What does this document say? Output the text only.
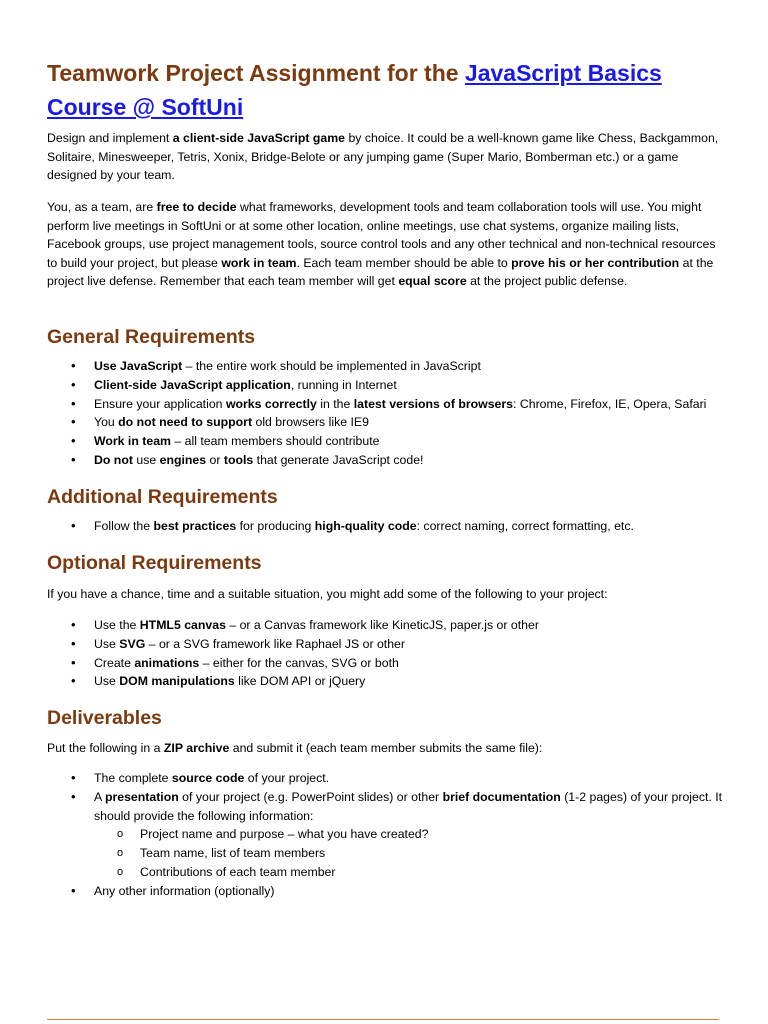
Teamwork Project Assignment for the JavaScript Basics Course @ SoftUni

Design and implement a client-side JavaScript game by choice. It could be a well-known game like Chess, Backgammon, Solitaire, Minesweeper, Tetris, Xonix, Bridge-Belote or any jumping game (Super Mario, Bomberman etc.) or a game designed by your team.

You, as a team, are free to decide what frameworks, development tools and team collaboration tools will use. You might perform live meetings in SoftUni or at some other location, online meetings, use chat systems, organize mailing lists, Facebook groups, use project management tools, source control tools and any other technical and non-technical resources to build your project, but please work in team. Each team member should be able to prove his or her contribution at the project live defense. Remember that each team member will get equal score at the project public defense.

General Requirements
• Use JavaScript – the entire work should be implemented in JavaScript
• Client-side JavaScript application, running in Internet
• Ensure your application works correctly in the latest versions of browsers: Chrome, Firefox, IE, Opera, Safari
• You do not need to support old browsers like IE9
• Work in team – all team members should contribute
• Do not use engines or tools that generate JavaScript code!
Additional Requirements
• Follow the best practices for producing high-quality code: correct naming, correct formatting, etc.
Optional Requirements

If you have a chance, time and a suitable situation, you might add some of the following to your project:

• Use the HTML5 canvas – or a Canvas framework like KineticJS, paper.js or other
• Use SVG – or a SVG framework like Raphael JS or other
• Create animations – either for the canvas, SVG or both
• Use DOM manipulations like DOM API or jQuery
Deliverables

Put the following in a ZIP archive and submit it (each team member submits the same file):

• The complete source code of your project.
• A presentation of your project (e.g. PowerPoint slides) or other brief documentation (1-2 pages) of your project. It should provide the following information:
o Project name and purpose – what you have created?
o Team name, list of team members
o Contributions of each team member
• Any other information (optionally)
